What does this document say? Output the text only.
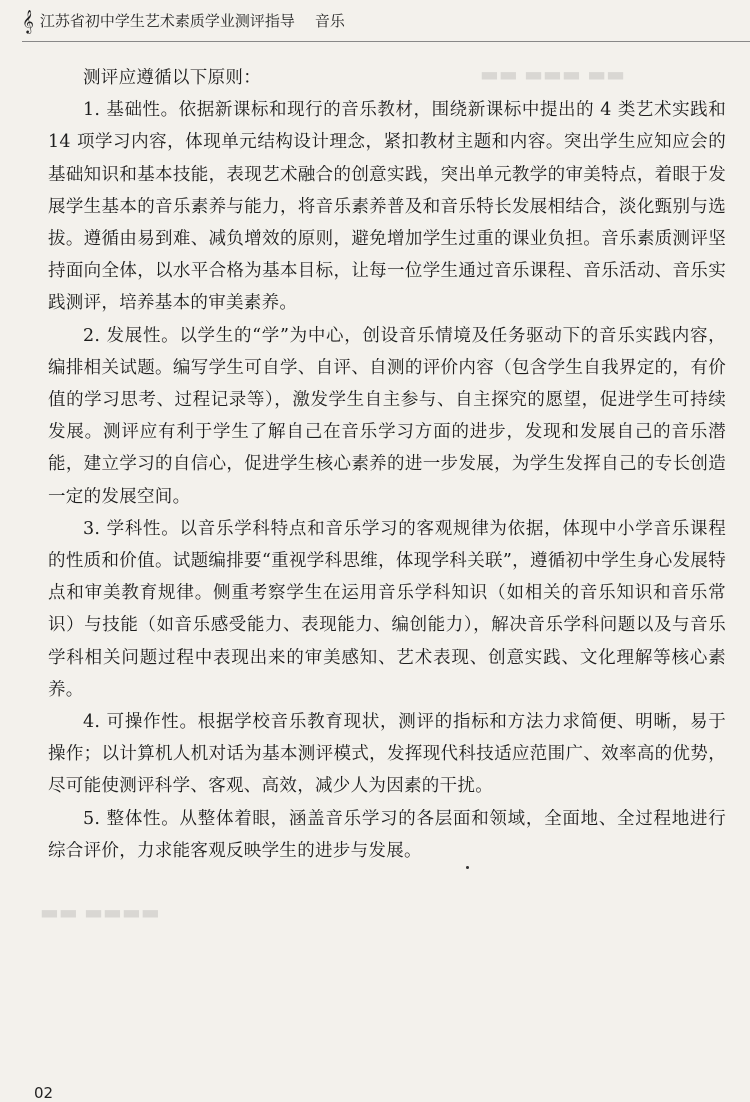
𝄞 江苏省初中学生艺术素质学业测评指导 音乐
▬▬ ▬▬▬ ▬▬
▬▬ ▬▬▬▬

测评应遵循以下原则：

1. 基础性。依据新课标和现行的音乐教材，围绕新课标中提出的 4 类艺术实践和 14 项学习内容，体现单元结构设计理念，紧扣教材主题和内容。突出学生应知应会的基础知识和基本技能，表现艺术融合的创意实践，突出单元教学的审美特点，着眼于发展学生基本的音乐素养与能力，将音乐素养普及和音乐特长发展相结合，淡化甄别与选拔。遵循由易到难、减负增效的原则，避免增加学生过重的课业负担。音乐素质测评坚持面向全体，以水平合格为基本目标，让每一位学生通过音乐课程、音乐活动、音乐实践测评，培养基本的审美素养。

2. 发展性。以学生的“学”为中心，创设音乐情境及任务驱动下的音乐实践内容，编排相关试题。编写学生可自学、自评、自测的评价内容（包含学生自我界定的，有价值的学习思考、过程记录等），激发学生自主参与、自主探究的愿望，促进学生可持续发展。测评应有利于学生了解自己在音乐学习方面的进步，发现和发展自己的音乐潜能，建立学习的自信心，促进学生核心素养的进一步发展，为学生发挥自己的专长创造一定的发展空间。

3. 学科性。以音乐学科特点和音乐学习的客观规律为依据，体现中小学音乐课程的性质和价值。试题编排要“重视学科思维，体现学科关联”，遵循初中学生身心发展特点和审美教育规律。侧重考察学生在运用音乐学科知识（如相关的音乐知识和音乐常识）与技能（如音乐感受能力、表现能力、编创能力），解决音乐学科问题以及与音乐学科相关问题过程中表现出来的审美感知、艺术表现、创意实践、文化理解等核心素养。

4. 可操作性。根据学校音乐教育现状，测评的指标和方法力求简便、明晰，易于操作；以计算机人机对话为基本测评模式，发挥现代科技适应范围广、效率高的优势，尽可能使测评科学、客观、高效，减少人为因素的干扰。

5. 整体性。从整体着眼，涵盖音乐学习的各层面和领域，全面地、全过程地进行综合评价，力求能客观反映学生的进步与发展。

02
